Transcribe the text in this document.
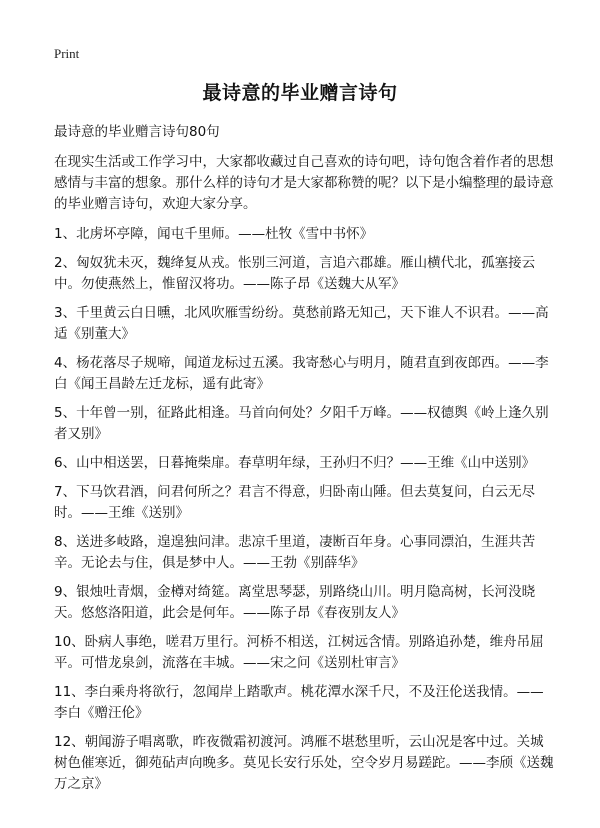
Print
最诗意的毕业赠言诗句

最诗意的毕业赠言诗句80句

在现实生活或工作学习中，大家都收藏过自己喜欢的诗句吧，诗句饱含着作者的思想感情与丰富的想象。那什么样的诗句才是大家都称赞的呢？以下是小编整理的最诗意的毕业赠言诗句，欢迎大家分享。

1、北虏坏亭障，闻屯千里师。——杜牧《雪中书怀》

2、匈奴犹未灭，魏绛复从戎。怅别三河道，言追六郡雄。雁山横代北，孤塞接云中。勿使燕然上，惟留汉将功。——陈子昂《送魏大从军》

3、千里黄云白日曛，北风吹雁雪纷纷。莫愁前路无知己，天下谁人不识君。——高适《别董大》

4、杨花落尽子规啼，闻道龙标过五溪。我寄愁心与明月，随君直到夜郎西。——李白《闻王昌龄左迁龙标，遥有此寄》

5、十年曾一别，征路此相逢。马首向何处？夕阳千万峰。——权德舆《岭上逢久别者又别》

6、山中相送罢，日暮掩柴扉。春草明年绿，王孙归不归？——王维《山中送别》

7、下马饮君酒，问君何所之？君言不得意，归卧南山陲。但去莫复问，白云无尽时。——王维《送别》

8、送进多岐路，遑遑独问津。悲凉千里道，凄断百年身。心事同漂泊，生涯共苦辛。无论去与住，俱是梦中人。——王勃《别薛华》

9、银烛吐青烟，金樽对绮筵。离堂思琴瑟，别路绕山川。明月隐高树，长河没晓天。悠悠洛阳道，此会是何年。——陈子昂《春夜别友人》

10、卧病人事绝，嗟君万里行。河桥不相送，江树远含情。别路追孙楚，维舟吊屈平。可惜龙泉剑，流落在丰城。——宋之问《送别杜审言》

11、李白乘舟将欲行，忽闻岸上踏歌声。桃花潭水深千尺，不及汪伦送我情。——李白《赠汪伦》

12、朝闻游子唱离歌，昨夜微霜初渡河。鸿雁不堪愁里听，云山况是客中过。关城树色催寒近，御苑砧声向晚多。莫见长安行乐处，空令岁月易蹉跎。——李颀《送魏万之京》
